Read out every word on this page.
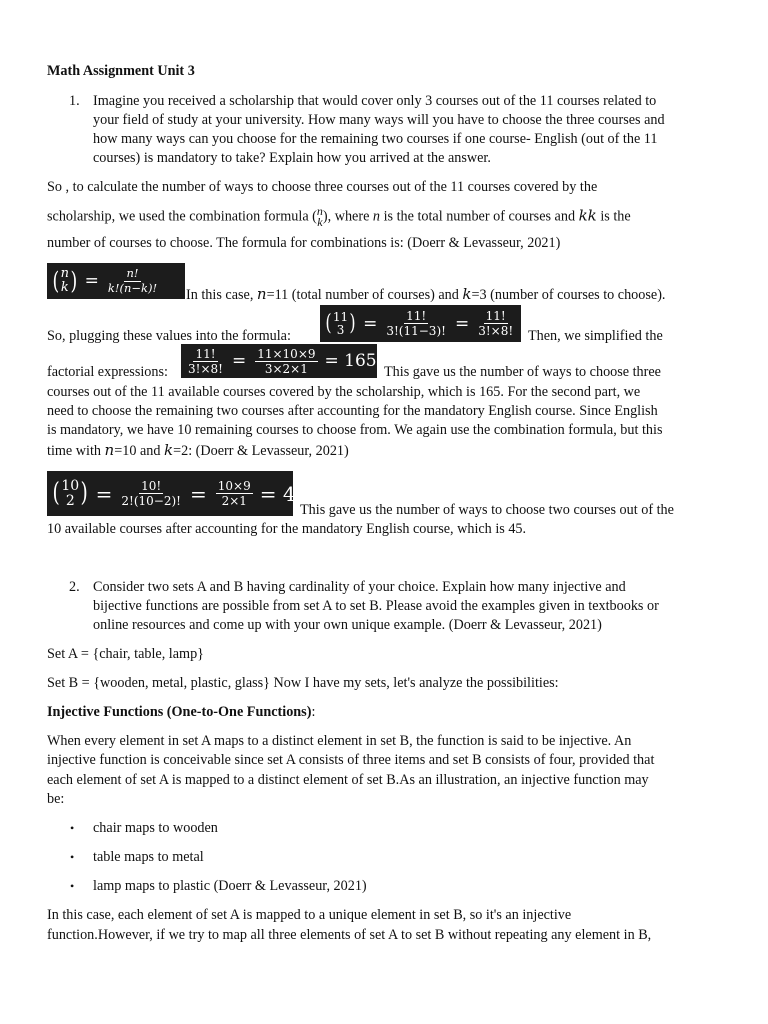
Math Assignment Unit 3
1. Imagine you received a scholarship that would cover only 3 courses out of the 11 courses related to
your field of study at your university. How many ways will you have to choose the three courses and
how many ways can you choose for the remaining two courses if one course- English (out of the 11
courses) is mandatory to take? Explain how you arrived at the answer.
So , to calculate the number of ways to choose three courses out of the 11 courses covered by the
scholarship, we used the combination formula ( n
k ), where n is the total number of courses and kk is the
number of courses to choose. The formula for combinations is: (Doerr & Levasseur, 2021)
( n
k ) = $\frac{n!}{k!(n-k)!}$
In this case, n=11 (total number of courses) and k=3 (number of courses to choose).
So, plugging these values into the formula: ( 11
3 ) = $\frac{11!}{3!(11-3)!} = \frac{11!}{3!\times 8!}$ Then, we simplified the
factorial expressions: $\frac{11!}{3!\times 8!} = \frac{11\times 10\times 9}{3\times 2\times 1} = 165$
This gave us the number of ways to choose three
courses out of the 11 available courses covered by the scholarship, which is 165. For the second part, we
need to choose the remaining two courses after accounting for the mandatory English course. Since English
is mandatory, we have 10 remaining courses to choose from. We again use the combination formula, but this
time with n=10 and k=2: (Doerr & Levasseur, 2021)
( 10
2 ) = $\frac{10!}{2!(10-2)!} = \frac{10\times 9}{2\times 1} = 45$
This gave us the number of ways to choose two courses out of the
10 available courses after accounting for the mandatory English course, which is 45.
2. Consider two sets A and B having cardinality of your choice. Explain how many injective and
bijective functions are possible from set A to set B. Please avoid the examples given in textbooks or
online resources and come up with your own unique example. (Doerr & Levasseur, 2021)
Set A = {chair, table, lamp}
Set B = {wooden, metal, plastic, glass} Now I have my sets, let's analyze the possibilities:
Injective Functions (One-to-One Functions):
When every element in set A maps to a distinct element in set B, the function is said to be injective. An
injective function is conceivable since set A consists of three items and set B consists of four, provided that
each element of set A is mapped to a distinct element of set B.As an illustration, an injective function may
be:
• chair maps to wooden
• table maps to metal
• lamp maps to plastic (Doerr & Levasseur, 2021)
In this case, each element of set A is mapped to a unique element in set B, so it's an injective
function.However, if we try to map all three elements of set A to set B without repeating any element in B,
